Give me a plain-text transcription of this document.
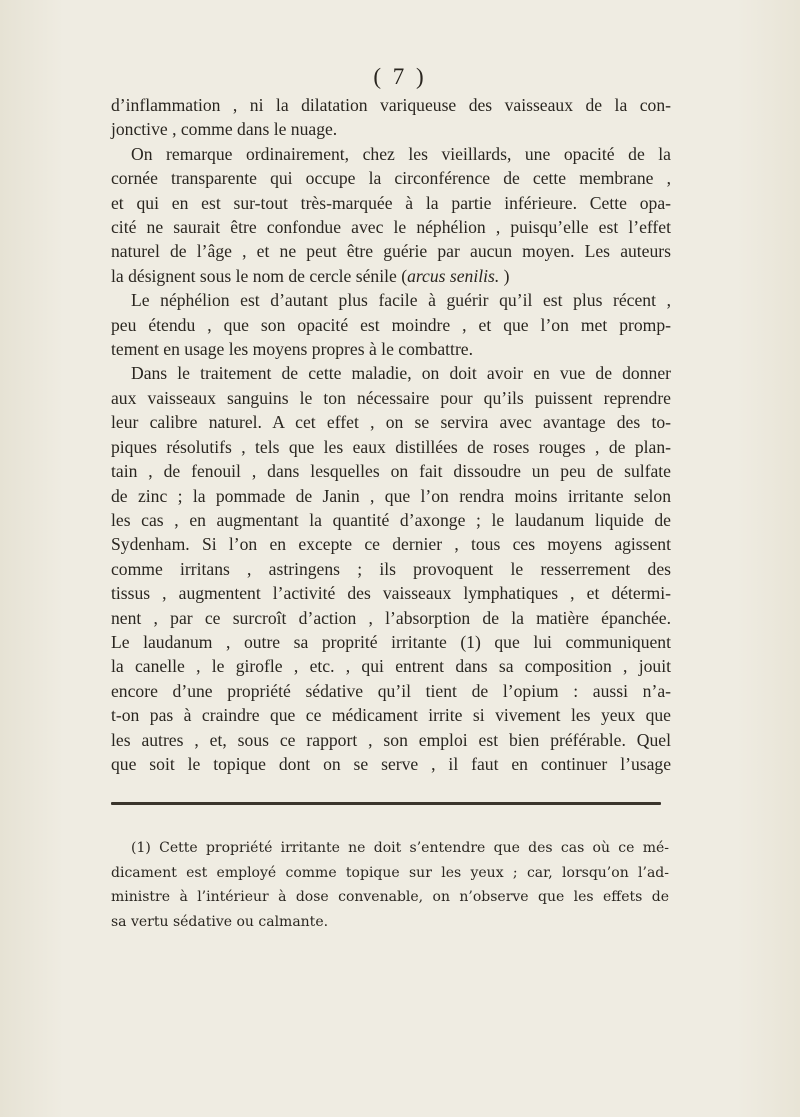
( 7 )
d’inflammation , ni la dilatation variqueuse des vaisseaux de la con-
jonctive , comme dans le nuage.
On remarque ordinairement, chez les vieillards, une opacité de la
cornée transparente qui occupe la circonférence de cette membrane ,
et qui en est sur-tout très-marquée à la partie inférieure. Cette opa-
cité ne saurait être confondue avec le néphélion , puisqu’elle est l’effet
naturel de l’âge , et ne peut être guérie par aucun moyen. Les auteurs
la désignent sous le nom de cercle sénile (arcus senilis. )
Le néphélion est d’autant plus facile à guérir qu’il est plus récent ,
peu étendu , que son opacité est moindre , et que l’on met promp-
tement en usage les moyens propres à le combattre.
Dans le traitement de cette maladie, on doit avoir en vue de donner
aux vaisseaux sanguins le ton nécessaire pour qu’ils puissent reprendre
leur calibre naturel. A cet effet , on se servira avec avantage des to-
piques résolutifs , tels que les eaux distillées de roses rouges , de plan-
tain , de fenouil , dans lesquelles on fait dissoudre un peu de sulfate
de zinc ; la pommade de Janin , que l’on rendra moins irritante selon
les cas , en augmentant la quantité d’axonge ; le laudanum liquide de
Sydenham. Si l’on en excepte ce dernier , tous ces moyens agissent
comme irritans , astringens ; ils provoquent le resserrement des
tissus , augmentent l’activité des vaisseaux lymphatiques , et détermi-
nent , par ce surcroît d’action , l’absorption de la matière épanchée.
Le laudanum , outre sa proprité irritante (1) que lui communiquent
la canelle , le girofle , etc. , qui entrent dans sa composition , jouit
encore d’une propriété sédative qu’il tient de l’opium : aussi n’a-
t-on pas à craindre que ce médicament irrite si vivement les yeux que
les autres , et, sous ce rapport , son emploi est bien préférable. Quel
que soit le topique dont on se serve , il faut en continuer l’usage
(1) Cette propriété irritante ne doit s’entendre que des cas où ce mé-
dicament est employé comme topique sur les yeux ; car, lorsqu’on l’ad-
ministre à l’intérieur à dose convenable, on n’observe que les effets de
sa vertu sédative ou calmante.
